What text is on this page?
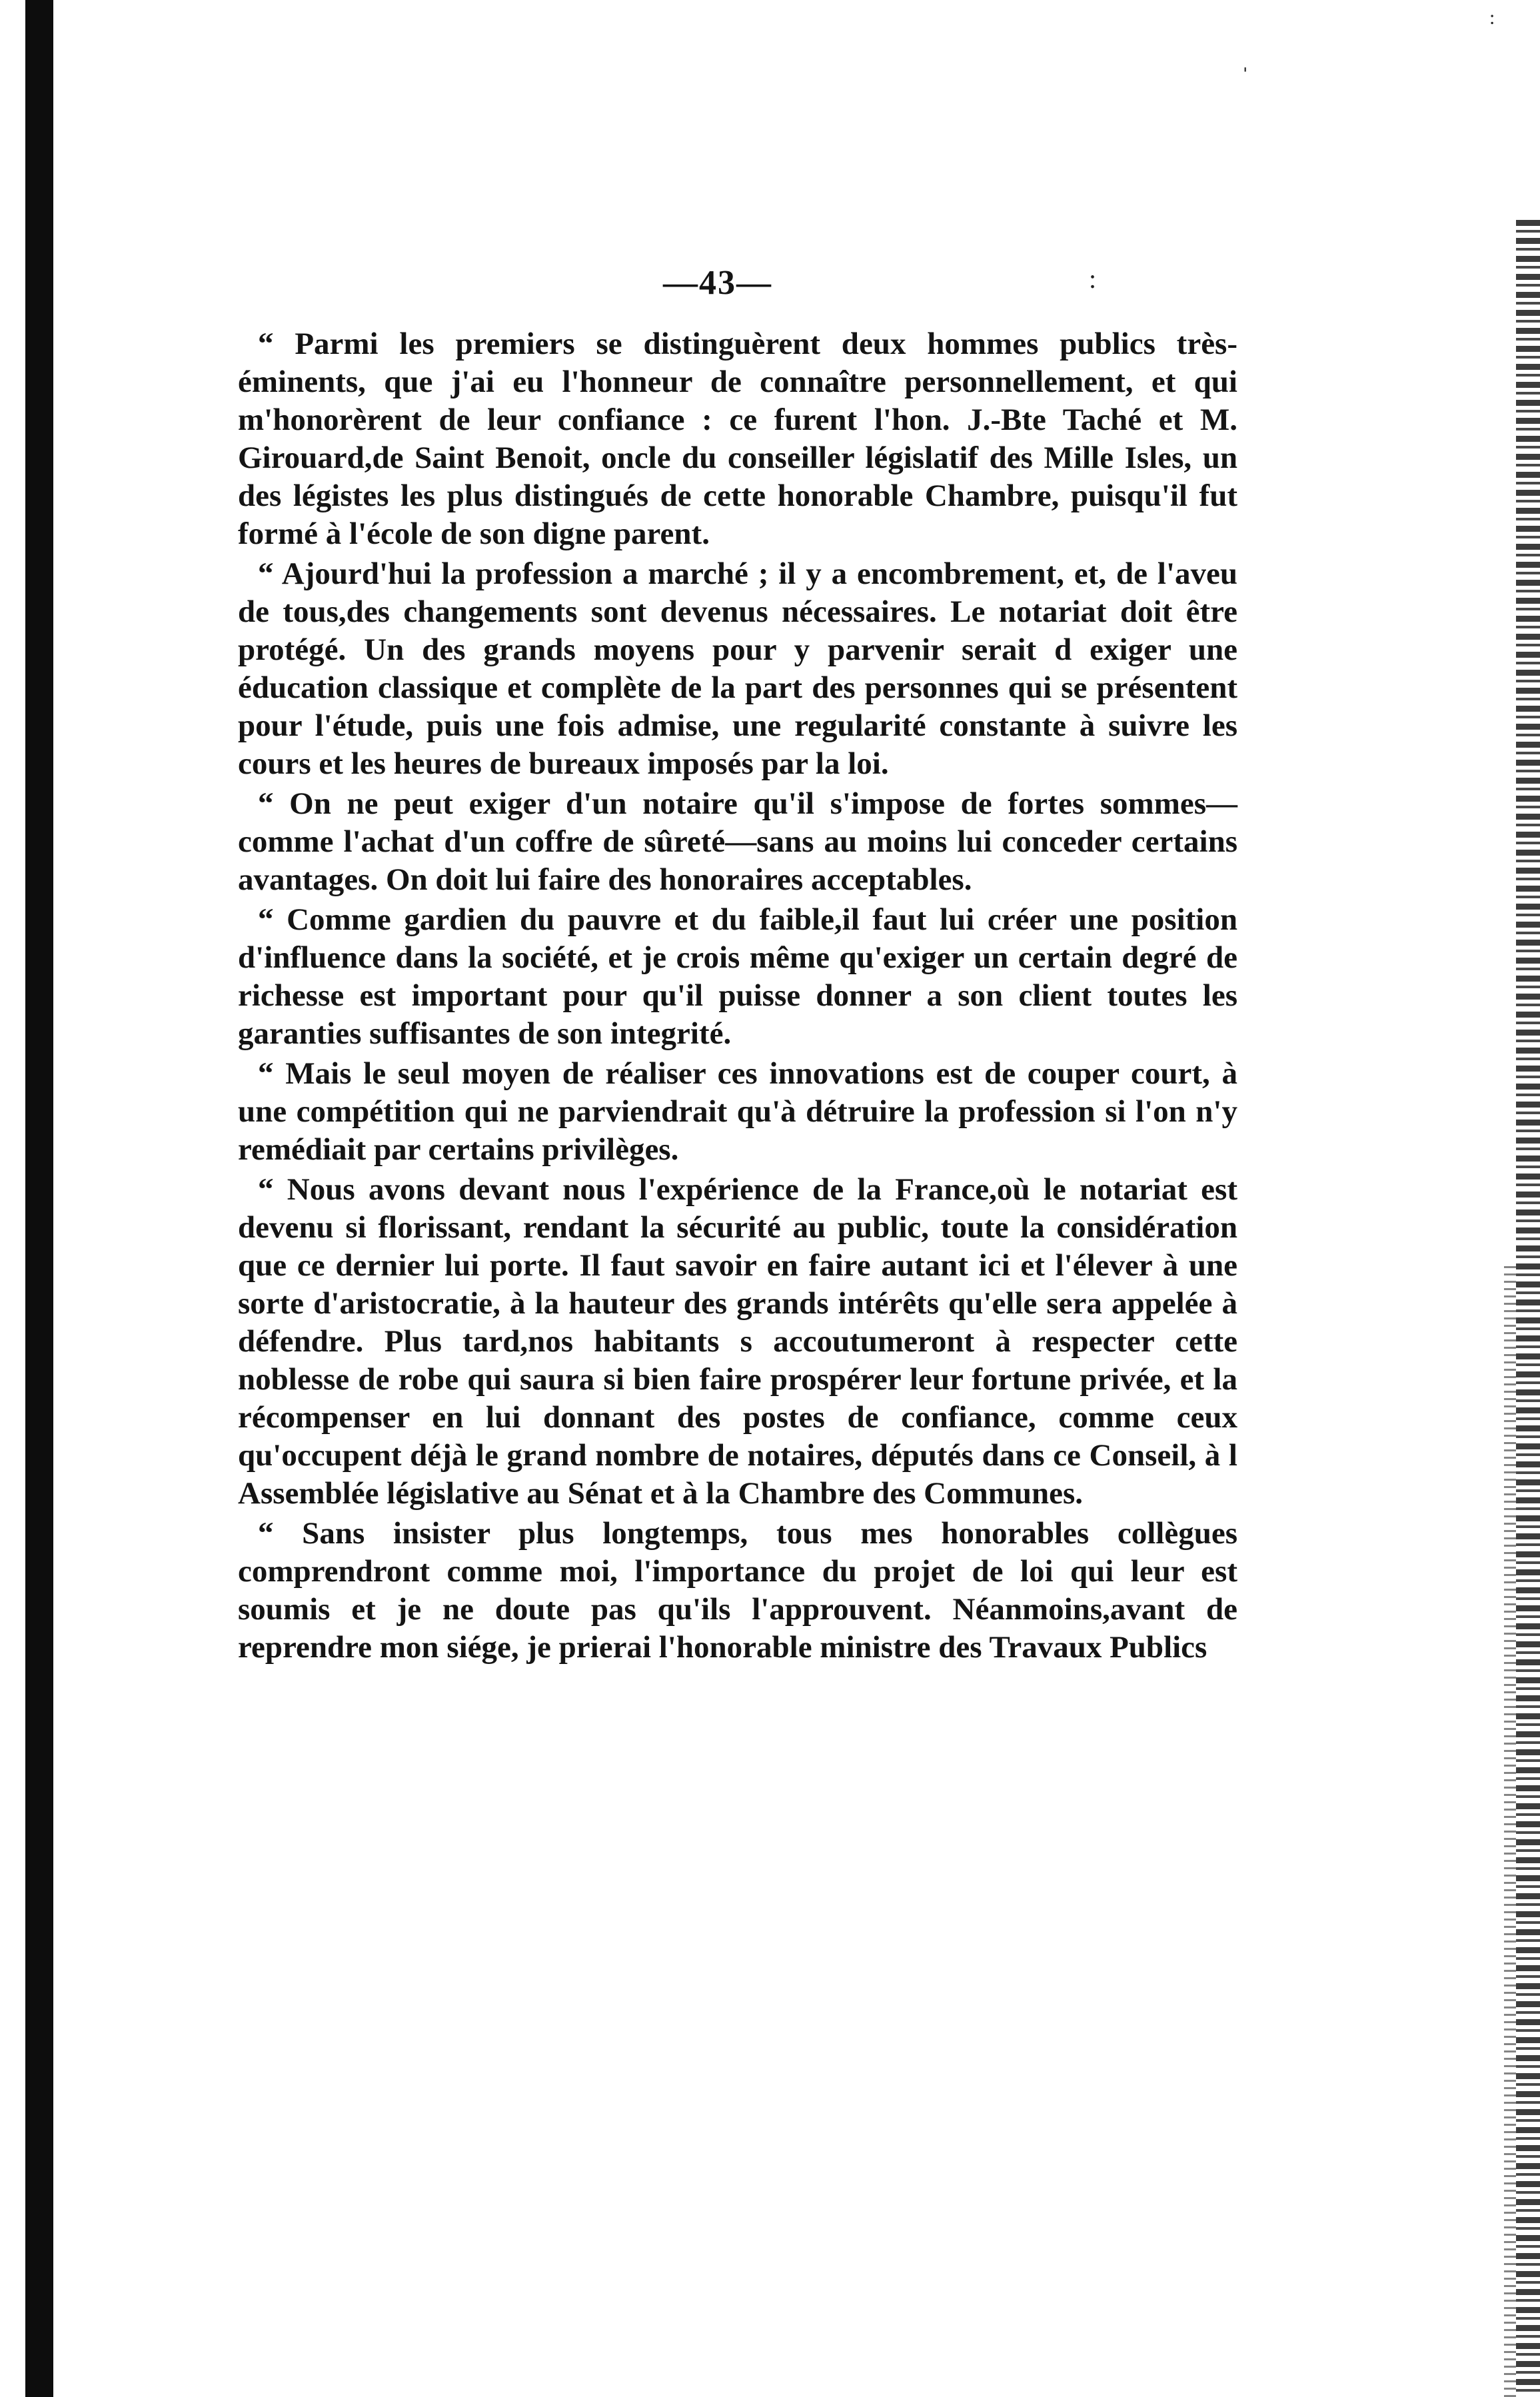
ˈ
:
:
—43—

“ Parmi les premiers se distinguèrent deux hommes publics très-éminents, que j'ai eu l'honneur de connaître personnellement, et qui m'honorèrent de leur confiance : ce furent l'hon. J.-Bte Taché et M. Girouard,de Saint Benoit, oncle du conseiller législatif des Mille Isles, un des légistes les plus distingués de cette honorable Chambre, puisqu'il fut formé à l'école de son digne parent.

“ Ajourd'hui la profession a marché ; il y a encombrement, et, de l'aveu de tous,des changements sont devenus nécessaires. Le notariat doit être protégé. Un des grands moyens pour y parvenir serait d exiger une éducation classique et complète de la part des personnes qui se présentent pour l'étude, puis une fois admise, une regularité constante à suivre les cours et les heures de bureaux imposés par la loi.

“ On ne peut exiger d'un notaire qu'il s'impose de fortes sommes—comme l'achat d'un coffre de sûreté—sans au moins lui conceder certains avantages. On doit lui faire des honoraires acceptables.

“ Comme gardien du pauvre et du faible,il faut lui créer une position d'influence dans la société, et je crois même qu'exiger un certain degré de richesse est important pour qu'il puisse donner a son client toutes les garanties suffisantes de son integrité.

“ Mais le seul moyen de réaliser ces innovations est de couper court, à une compétition qui ne parviendrait qu'à détruire la profession si l'on n'y remédiait par certains privilèges.

“ Nous avons devant nous l'expérience de la France,où le notariat est devenu si florissant, rendant la sécurité au public, toute la considération que ce dernier lui porte. Il faut savoir en faire autant ici et l'élever à une sorte d'aristocratie, à la hauteur des grands intérêts qu'elle sera appelée à défendre. Plus tard,nos habitants s accoutumeront à respecter cette noblesse de robe qui saura si bien faire prospérer leur fortune privée, et la récompenser en lui donnant des postes de confiance, comme ceux qu'occupent déjà le grand nombre de notaires, députés dans ce Conseil, à l Assemblée législative au Sénat et à la Chambre des Communes.

“ Sans insister plus longtemps, tous mes honorables collègues comprendront comme moi, l'importance du projet de loi qui leur est soumis et je ne doute pas qu'ils l'approuvent. Néanmoins,avant de reprendre mon siége, je prierai l'honorable ministre des Travaux Publics
